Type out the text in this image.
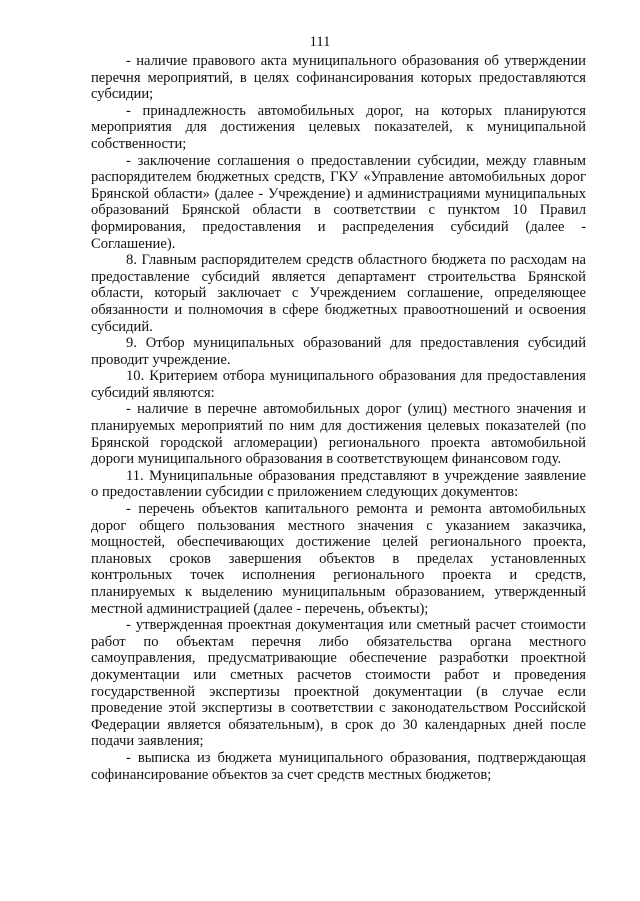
111

- наличие правового акта муниципального образования об утверждении перечня мероприятий, в целях софинансирования которых предоставляются субсидии;

- принадлежность автомобильных дорог, на которых планируются мероприятия для достижения целевых показателей, к муниципальной собственности;

- заключение соглашения о предоставлении субсидии, между главным распорядителем бюджетных средств, ГКУ «Управление автомобильных дорог Брянской области» (далее - Учреждение) и администрациями муниципальных образований Брянской области в соответствии с пунктом 10 Правил формирования, предоставления и распределения субсидий (далее - Соглашение).

8. Главным распорядителем средств областного бюджета по расходам на предоставление субсидий является департамент строительства Брянской области, который заключает с Учреждением соглашение, определяющее обязанности и полномочия в сфере бюджетных правоотношений и освоения субсидий.

9. Отбор муниципальных образований для предоставления субсидий проводит учреждение.

10. Критерием отбора муниципального образования для предоставления субсидий являются:

- наличие в перечне автомобильных дорог (улиц) местного значения и планируемых мероприятий по ним для достижения целевых показателей (по Брянской городской агломерации) регионального проекта автомобильной дороги муниципального образования в соответствующем финансовом году.

11. Муниципальные образования представляют в учреждение заявление о предоставлении субсидии с приложением следующих документов:

- перечень объектов капитального ремонта и ремонта автомобильных дорог общего пользования местного значения с указанием заказчика, мощностей, обеспечивающих достижение целей регионального проекта, плановых сроков завершения объектов в пределах установленных контрольных точек исполнения регионального проекта и средств, планируемых к выделению муниципальным образованием, утвержденный местной администрацией (далее - перечень, объекты);

- утвержденная проектная документация или сметный расчет стоимости работ по объектам перечня либо обязательства органа местного самоуправления, предусматривающие обеспечение разработки проектной документации или сметных расчетов стоимости работ и проведения государственной экспертизы проектной документации (в случае если проведение этой экспертизы в соответствии с законодательством Российской Федерации является обязательным), в срок до 30 календарных дней после подачи заявления;

- выписка из бюджета муниципального образования, подтверждающая софинансирование объектов за счет средств местных бюджетов;
